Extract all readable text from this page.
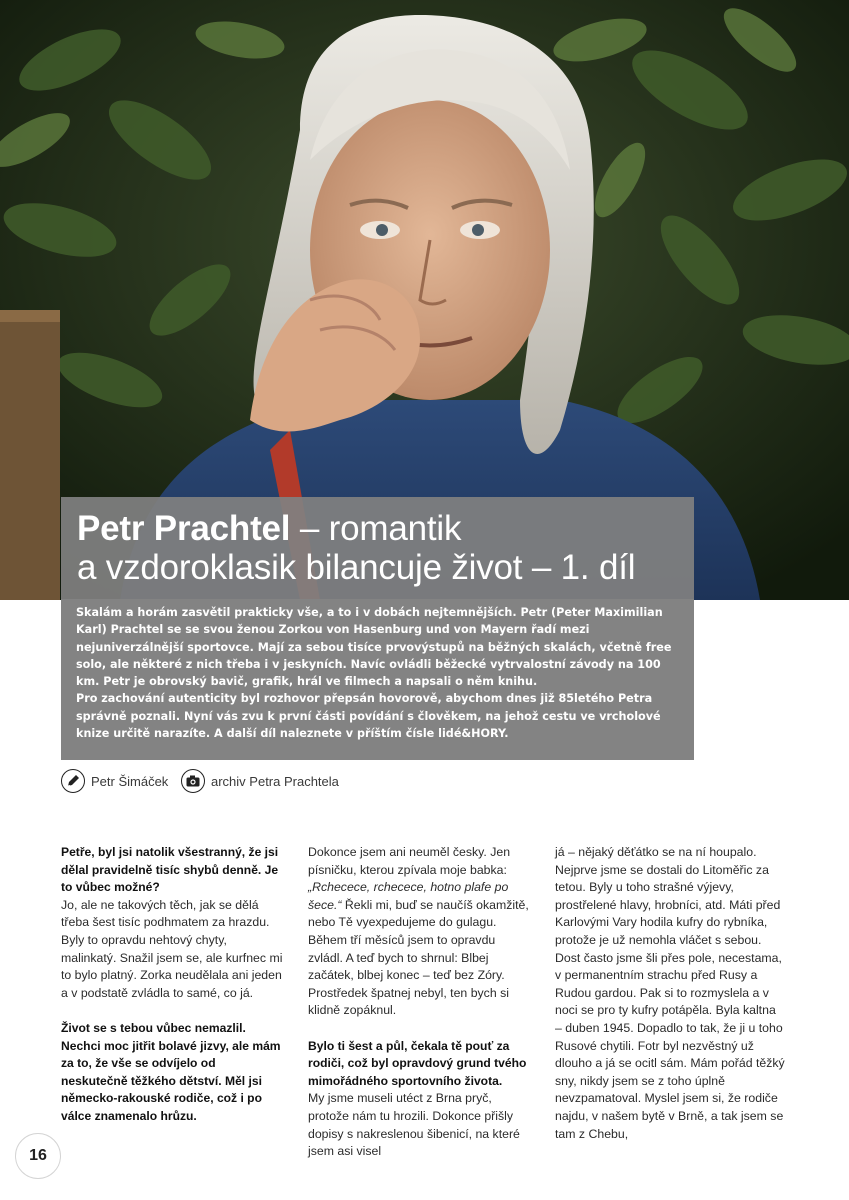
Petr Prachtel – romantik
a vzdoroklasik bilancuje život – 1. díl

Skalám a horám zasvětil prakticky vše, a to i v dobách nejtemnějších. Petr (Peter Maximilian Karl) Prachtel se se svou ženou Zorkou von Hasenburg und von Mayern řadí mezi nejuniverzálnější sportovce. Mají za sebou tisíce prvovýstupů na běžných skalách, včetně free solo, ale některé z nich třeba i v jeskyních. Navíc ovládli běžecké vytrvalostní závody na 100 km. Petr je obrovský bavič, grafik, hrál ve filmech a napsali o něm knihu.

Pro zachování autenticity byl rozhovor přepsán hovorově, abychom dnes již 85letého Petra správně poznali. Nyní vás zvu k první části povídání s člověkem, na jehož cestu ve vrcholové knize určitě narazíte. A další díl naleznete v příštím čísle lidé&HORY.

Petr Šimáček	archiv Petra Prachtela

Petře, byl jsi natolik všestranný, že jsi dělal pravidelně tisíc shybů denně. Je to vůbec možné?

Jo, ale ne takových těch, jak se dělá třeba šest tisíc podhmatem za hrazdu. Byly to opravdu nehtový chyty, malinkatý. Snažil jsem se, ale kurfnec mi to bylo platný. Zorka neudělala ani jeden a v podstatě zvládla to samé, co já.

Život se s tebou vůbec nemazlil. Nechci moc jitřit bolavé jizvy, ale mám za to, že vše se odvíjelo od neskutečně těžkého dětství. Měl jsi německo-rakouské rodiče, což i po válce znamenalo hrůzu.

Dokonce jsem ani neuměl česky. Jen písničku, kterou zpívala moje babka: „Rchecece, rchecece, hotno plafe po šece.“ Řekli mi, buď se naučíš okamžitě, nebo Tě vyexpedujeme do gulagu. Během tří měsíců jsem to opravdu zvládl. A teď bych to shrnul: Blbej začátek, blbej konec – teď bez Zóry. Prostředek špatnej nebyl, ten bych si klidně zopáknul.

Bylo ti šest a půl, čekala tě pouť za rodiči, což byl opravdový grund tvého mimořádného sportovního života.

My jsme museli utéct z Brna pryč, protože nám tu hrozili. Dokonce přišly dopisy s nakreslenou šibenicí, na které jsem asi visel

já – nějaký děťátko se na ní houpalo. Nejprve jsme se dostali do Litoměřic za tetou. Byly u toho strašné výjevy, prostřelené hlavy, hrobníci, atd. Máti před Karlovými Vary hodila kufry do rybníka, protože je už nemohla vláčet s sebou. Dost často jsme šli přes pole, necestama, v permanentním strachu před Rusy a Rudou gardou. Pak si to rozmyslela a v noci se pro ty kufry potápěla. Byla kaltna – duben 1945. Dopadlo to tak, že ji u toho Rusové chytili. Fotr byl nezvěstný už dlouho a já se ocitl sám. Mám pořád těžký sny, nikdy jsem se z toho úplně nevzpamatoval. Myslel jsem si, že rodiče najdu, v našem bytě v Brně, a tak jsem se tam z Chebu,

16
